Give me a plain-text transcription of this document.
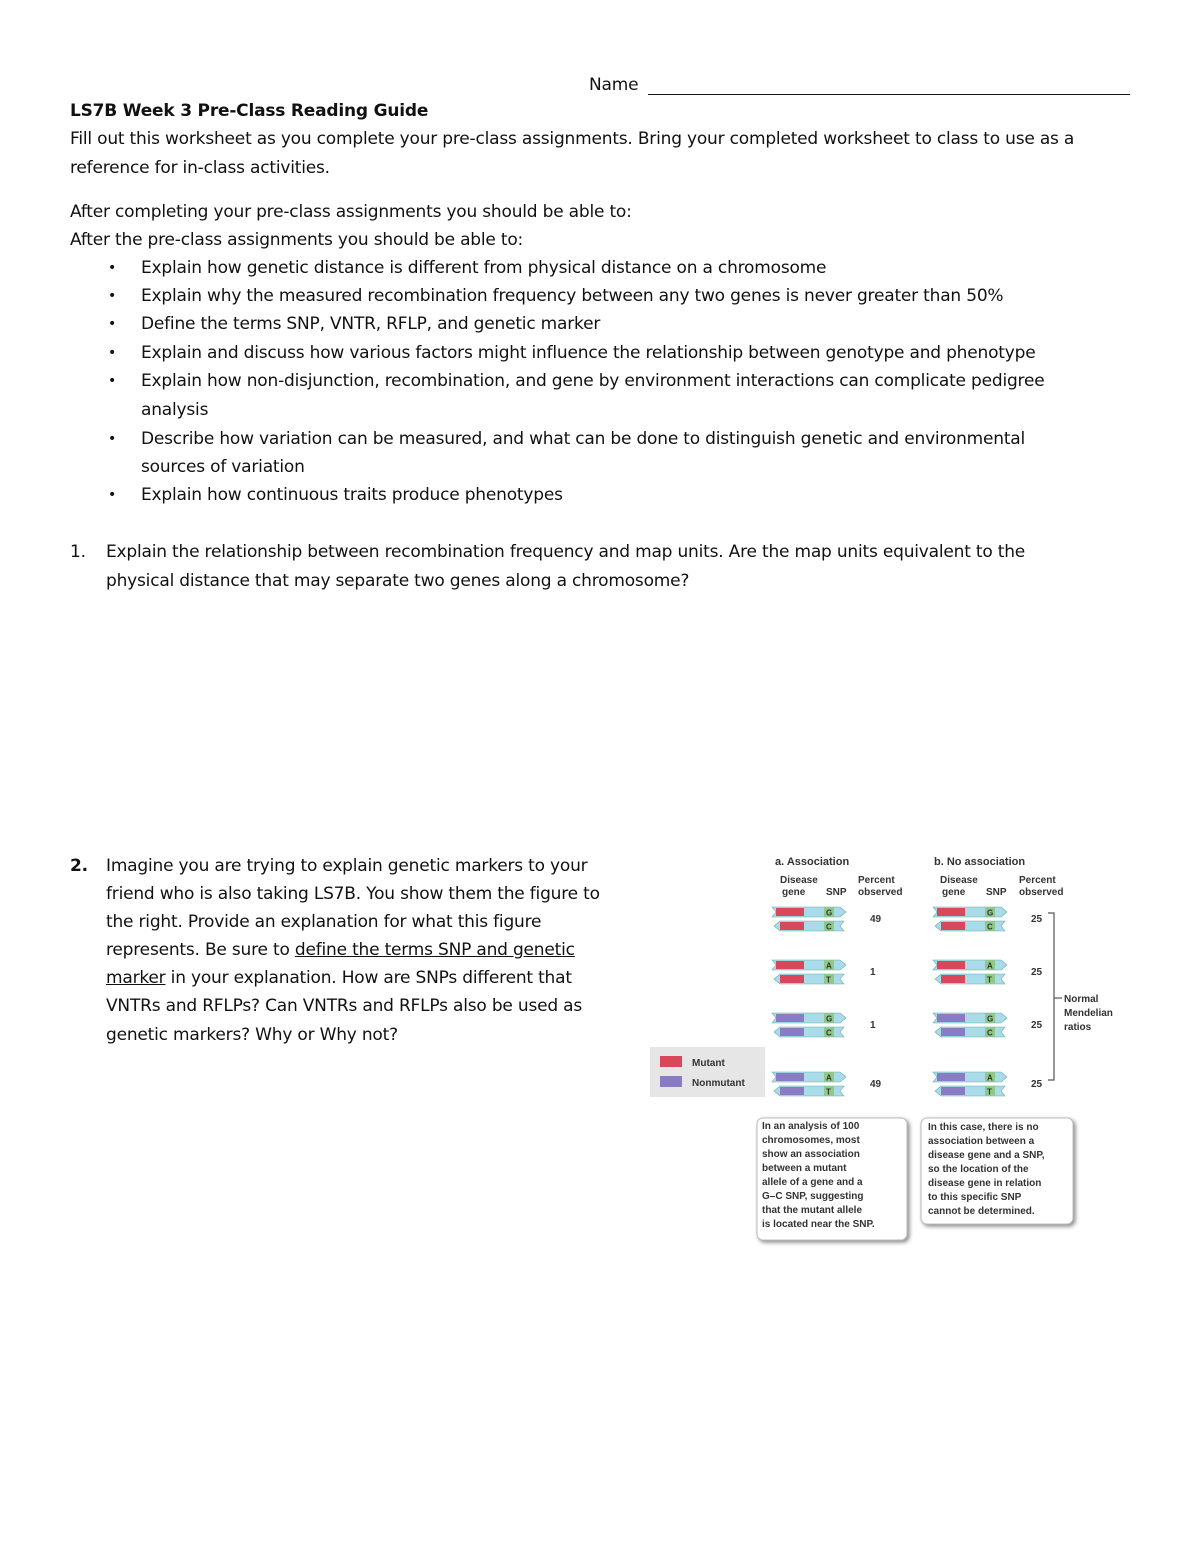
Name
LS7B Week 3 Pre-Class Reading Guide
Fill out this worksheet as you complete your pre-class assignments. Bring your completed worksheet to class to use as a
reference for in-class activities.
After completing your pre-class assignments you should be able to:
After the pre-class assignments you should be able to:
• Explain how genetic distance is different from physical distance on a chromosome
• Explain why the measured recombination frequency between any two genes is never greater than 50%
• Define the terms SNP, VNTR, RFLP, and genetic marker
• Explain and discuss how various factors might influence the relationship between genotype and phenotype
• Explain how non-disjunction, recombination, and gene by environment interactions can complicate pedigree
analysis
• Describe how variation can be measured, and what can be done to distinguish genetic and environmental
sources of variation
• Explain how continuous traits produce phenotypes
1. Explain the relationship between recombination frequency and map units. Are the map units equivalent to the
physical distance that may separate two genes along a chromosome?
2. Imagine you are trying to explain genetic markers to your
friend who is also taking LS7B. You show them the figure to
the right. Provide an explanation for what this figure
represents. Be sure to define the terms SNP and genetic
marker in your explanation. How are SNPs different that
VNTRs and RFLPs? Can VNTRs and RFLPs also be used as
genetic markers? Why or Why not?
a. Association
Disease
gene SNP
Percent
observed
b. No association
Disease
gene SNP
Percent
observed
G
C
49
A
T
1
G
C
1
A
T
49
G
C
25
A
T
25
G
C
25
A
T
25
Normal
Mendelian
ratios
Mutant
Nonmutant
In an analysis of 100
chromosomes, most
show an association
between a mutant
allele of a gene and a
G–C SNP, suggesting
that the mutant allele
is located near the SNP.
In this case, there is no
association between a
disease gene and a SNP,
so the location of the
disease gene in relation
to this specific SNP
cannot be determined.
